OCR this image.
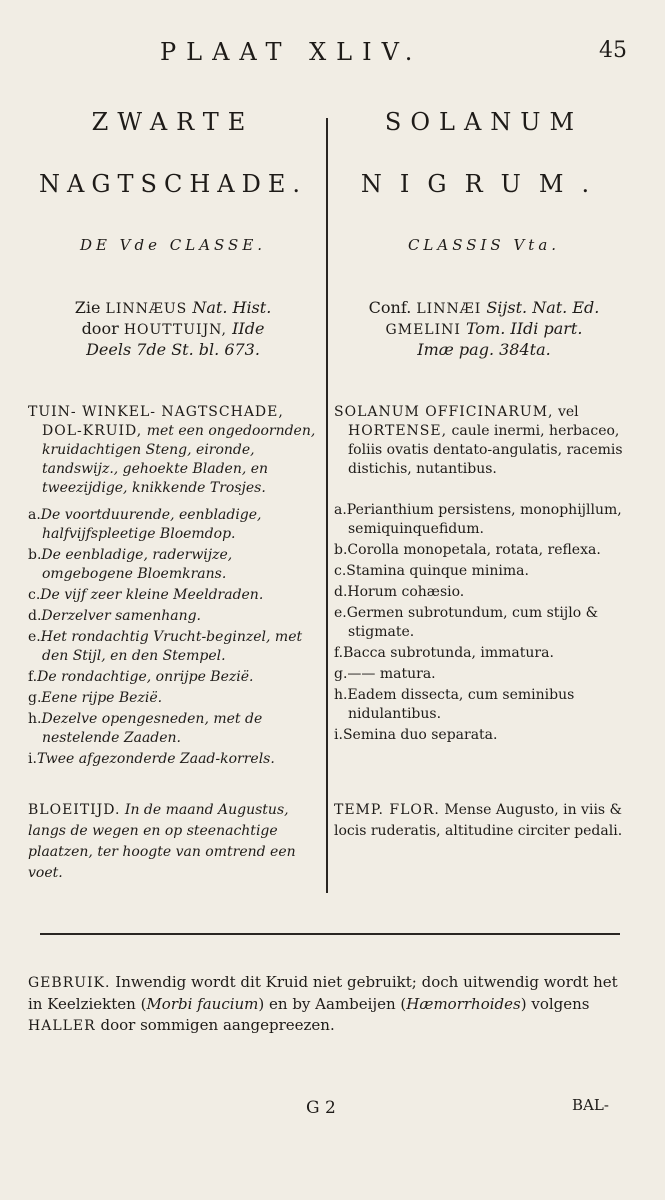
PLAAT XLIV.	45
ZWARTE
NAGTSCHADE.
DE Vde CLASSE.
Zie LINNÆUS Nat. Hist.
door HOUTTUIJN, IIde
Deels 7de St. bl. 673.

TUIN- WINKEL- NAGTSCHADE,
DOL-KRUID, met een ongedoornden, kruidachtigen Steng, eironde, tandswijz., gehoekte Bladen, en tweezijdige, knikkende Trosjes.

a.De voortduurende, eenbladige, halfvijfspleetige Bloemdop.
b.De eenbladige, raderwijze, omgebogene Bloemkrans.
c.De vijf zeer kleine Meeldraden.
d.Derzelver samenhang.
e.Het rondachtig Vrucht-beginzel, met den Stijl, en den Stempel.
f.De rondachtige, onrijpe Bezië.
g.Eene rijpe Bezië.
h.Dezelve opengesneden, met de nestelende Zaaden.
i.Twee afgezonderde Zaad-korrels.
BLOEITIJD. In de maand Augustus, langs de wegen en op steenachtige plaatzen, ter hoogte van omtrend een voet.
SOLANUM
NIGRUM.
CLASSIS Vta.
Conf. LINNÆI Sijst. Nat. Ed.
GMELINI Tom. IIdi part.
Imæ pag. 384ta.

SOLANUM OFFICINARUM, vel
HORTENSE, caule inermi, herbaceo, foliis ovatis dentato-angulatis, racemis distichis, nutantibus.

a.Perianthium persistens, monophijllum, semiquinquefidum.
b.Corolla monopetala, rotata, reflexa.
c.Stamina quinque minima.
d.Horum cohæsio.
e.Germen subrotundum, cum stijlo & stigmate.
f.Bacca subrotunda, immatura.
g.—— matura.
h.Eadem dissecta, cum seminibus nidulantibus.
i.Semina duo separata.
TEMP. FLOR. Mense Augusto, in viis & locis ruderatis, altitudine circiter pedali.
GEBRUIK. Inwendig wordt dit Kruid niet gebruikt; doch uitwendig wordt het in Keelziekten (Morbi faucium) en by Aambeijen (Hæmorrhoides) volgens HALLER door sommigen aangepreezen.
G 2	BAL-
